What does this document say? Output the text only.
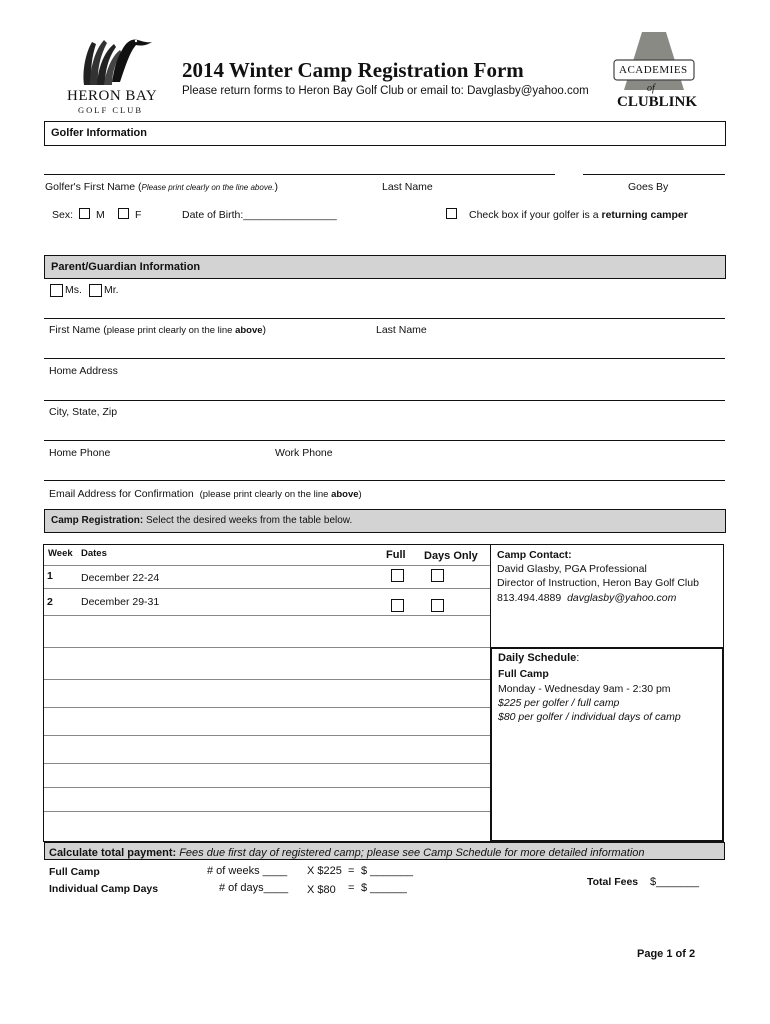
HERON BAY
GOLF CLUB
2014 Winter Camp Registration Form
Please return forms to Heron Bay Golf Club or email to: Davglasby@yahoo.com
ACADEMIES
of
CLUBLINK
Golfer Information
Golfer's First Name (Please print clearly on the line above.)	Last Name	Goes By
Sex: M	F	Date of Birth:________________	Check box if your golfer is a returning camper
Parent/Guardian Information
Ms. Mr.
First Name (please print clearly on the line above)	Last Name
Home Address
City, State, Zip
Home Phone	Work Phone
Email Address for Confirmation (please print clearly on the line above)
Camp Registration: Select the desired weeks from the table below.
Week Dates	Full Days Only
1	December 22-24
2	December 29-31
Camp Contact:
David Glasby, PGA Professional
Director of Instruction, Heron Bay Golf Club
813.494.4889 davglasby@yahoo.com
Daily Schedule:
Full Camp
Monday - Wednesday 9am - 2:30 pm
$225 per golfer / full camp
$80 per golfer / individual days of camp
Calculate total payment: Fees due first day of registered camp; please see Camp Schedule for more detailed information
Full Camp	# of weeks ____ X $225 = $ _______
Individual Camp Days	# of days____ X $80 = $ ______	Total Fees $_______
Page 1 of 2
